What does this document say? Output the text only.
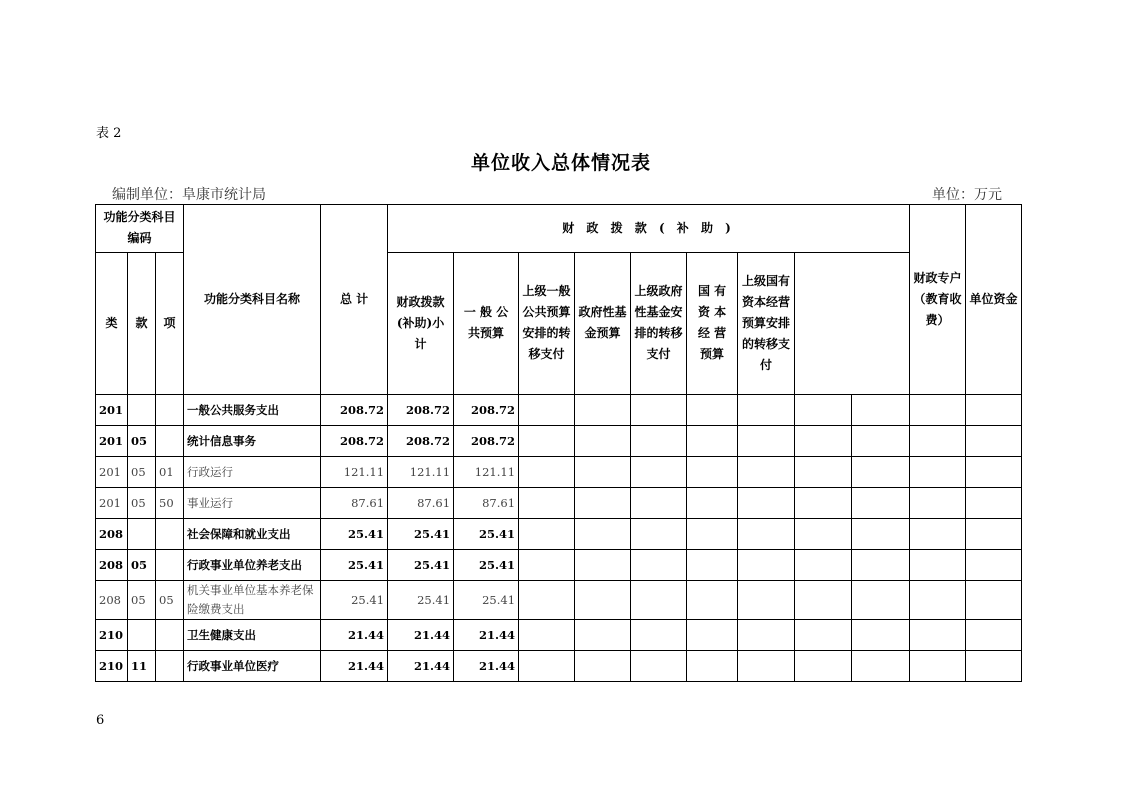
表 2
单位收入总体情况表
编制单位：阜康市统计局	单位：万元
功能分类科目编码			功能分类科目名称	总 计	财 政 拨 款 ( 补 助 )									财政专户（教育收费）	单位资金		
类	款	项			财政拨款(补助)小计	一 般 公 共预算	上级一般公共预算安排的转移支付	政府性基金预算	上级政府性基金安排的转移支付	国 有 资 本 经 营 预算	上级国有资本经营预算安排的转移支付					
201			一般公共服务支出	208.72	208.72	208.72										
201	05		统计信息事务	208.72	208.72	208.72										
201	05	01	行政运行	121.11	121.11	121.11										
201	05	50	事业运行	87.61	87.61	87.61										
208			社会保障和就业支出	25.41	25.41	25.41										
208	05		行政事业单位养老支出	25.41	25.41	25.41										
208	05	05	机关事业单位基本养老保险缴费支出	25.41	25.41	25.41										
210			卫生健康支出	21.44	21.44	21.44										
210	11		行政事业单位医疗	21.44	21.44	21.44										
6
